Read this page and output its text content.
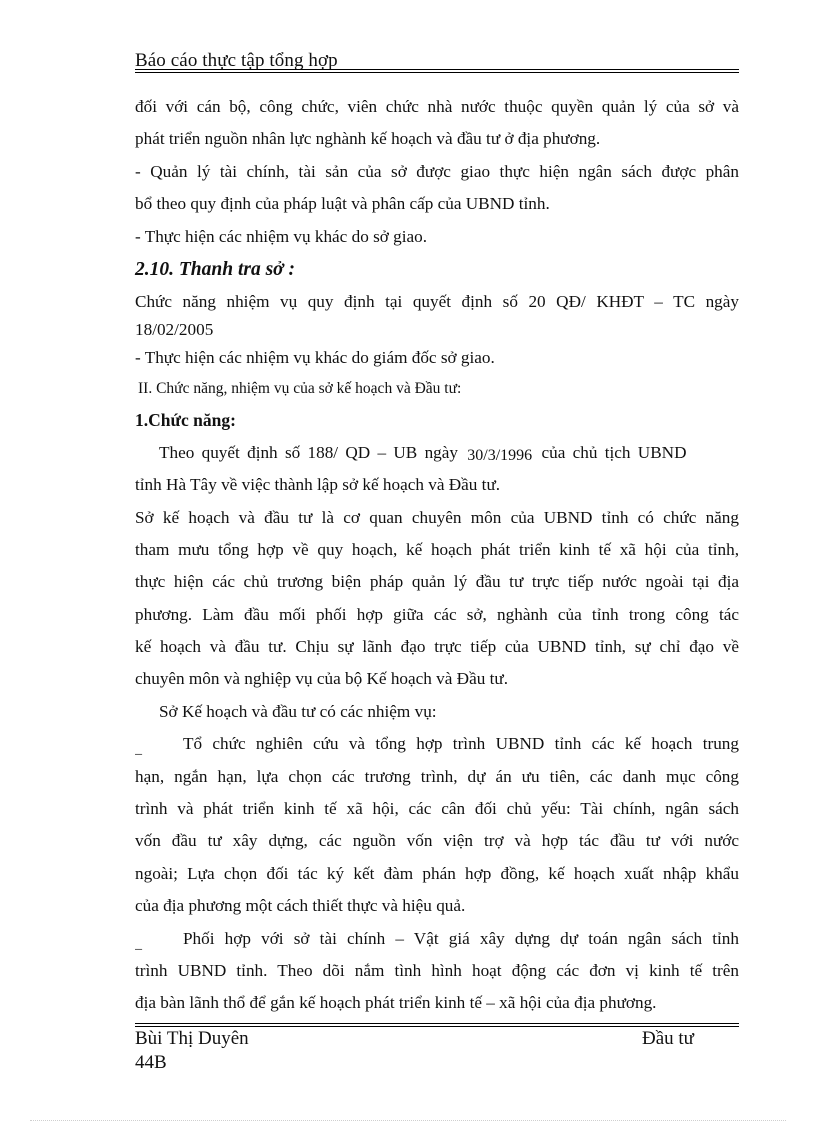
Báo cáo thực tập tổng hợp
đối với cán bộ, công chức, viên chức nhà nước thuộc quyền quản lý của sở và
phát triển nguồn nhân lực nghành kế hoạch và đầu tư ở địa phương.
- Quản lý tài chính, tài sản của sở được giao thực hiện ngân sách được phân
bổ theo quy định của pháp luật và phân cấp của UBND tỉnh.
- Thực hiện các nhiệm vụ khác do sở giao.
2.10. Thanh tra sở :
Chức năng nhiệm vụ quy định tại quyết định số 20 QĐ/ KHĐT – TC ngày
18/02/2005
- Thực hiện các nhiệm vụ khác do giám đốc sở giao.
II. Chức năng, nhiệm vụ của sở kế hoạch và Đầu tư:
1.Chức năng:
Theo quyết định số 188/ QD – UB ngày 30/3/1996 của chủ tịch UBND
tỉnh Hà Tây về việc thành lập sở kế hoạch và Đầu tư.
Sở kế hoạch và đầu tư là cơ quan chuyên môn của UBND tỉnh có chức năng
tham mưu tổng hợp về quy hoạch, kế hoạch phát triển kinh tế xã hội của tỉnh,
thực hiện các chủ trương biện pháp quản lý đầu tư trực tiếp nước ngoài tại địa
phương. Làm đầu mối phối hợp giữa các sở, nghành của tỉnh trong công tác
kế hoạch và đầu tư. Chịu sự lãnh đạo trực tiếp của UBND tỉnh, sự chỉ đạo về
chuyên môn và nghiệp vụ của bộ Kế hoạch và Đầu tư.
Sở Kế hoạch và đầu tư có các nhiệm vụ:
_ Tổ chức nghiên cứu và tổng hợp trình UBND tỉnh các kế hoạch trung
hạn, ngắn hạn, lựa chọn các trương trình, dự án ưu tiên, các danh mục công
trình và phát triển kinh tế xã hội, các cân đối chủ yếu: Tài chính, ngân sách
vốn đầu tư xây dựng, các nguồn vốn viện trợ và hợp tác đầu tư với nước
ngoài; Lựa chọn đối tác ký kết đàm phán hợp đồng, kế hoạch xuất nhập khẩu
của địa phương một cách thiết thực và hiệu quả.
_ Phối hợp với sở tài chính – Vật giá xây dựng dự toán ngân sách tỉnh
trình UBND tỉnh. Theo dõi nắm tình hình hoạt động các đơn vị kinh tế trên
địa bàn lãnh thổ để gắn kế hoạch phát triển kinh tế – xã hội của địa phương.
Bùi Thị Duyên
44B
Đầu tư
